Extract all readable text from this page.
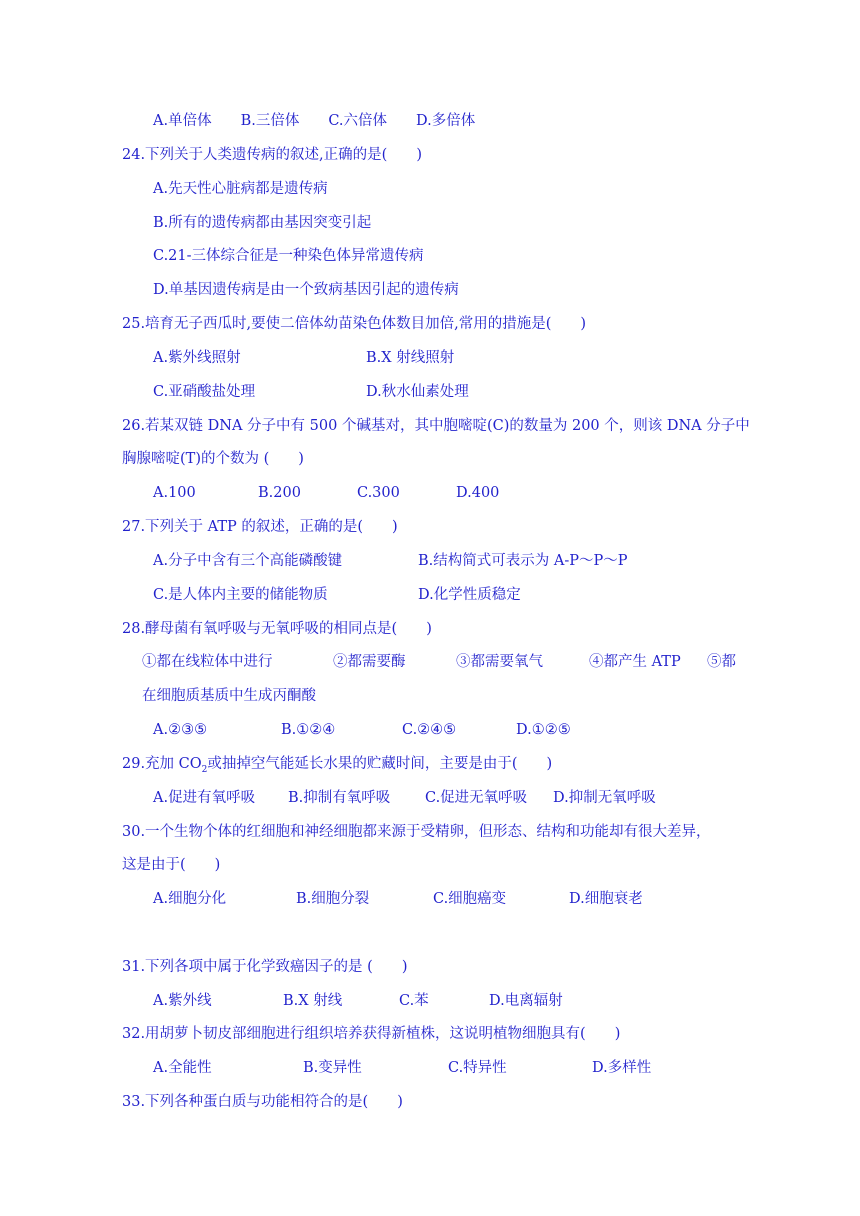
A.单倍体　　B.三倍体　　C.六倍体　　D.多倍体
24.下列关于人类遗传病的叙述,正确的是(　　)
A.先天性心脏病都是遗传病
B.所有的遗传病都由基因突变引起
C.21-三体综合征是一种染色体异常遗传病
D.单基因遗传病是由一个致病基因引起的遗传病
25.培育无子西瓜时,要使二倍体幼苗染色体数目加倍,常用的措施是(　　)
A.紫外线照射	B.X 射线照射
C.亚硝酸盐处理	D.秋水仙素处理
26.若某双链 DNA 分子中有 500 个碱基对，其中胞嘧啶(C)的数量为 200 个，则该 DNA 分子中
胸腺嘧啶(T)的个数为 (　　)
A.100	B.200	C.300	D.400
27.下列关于 ATP 的叙述，正确的是(　　)
A.分子中含有三个高能磷酸键	B.结构简式可表示为 A-P～P～P
C.是人体内主要的储能物质	D.化学性质稳定
28.酵母菌有氧呼吸与无氧呼吸的相同点是(　　)
①都在线粒体中进行	②都需要酶	③都需要氧气	④都产生 ATP ⑤都
在细胞质基质中生成丙酮酸
A.②③⑤	B.①②④	C.②④⑤	D.①②⑤
29.充加 $CO_2$或抽掉空气能延长水果的贮藏时间，主要是由于(　　)
A.促进有氧呼吸 B.抑制有氧呼吸 C.促进无氧呼吸 D.抑制无氧呼吸
30.一个生物个体的红细胞和神经细胞都来源于受精卵，但形态、结构和功能却有很大差异，
这是由于(　　)
A.细胞分化	B.细胞分裂	C.细胞癌变	D.细胞衰老
31.下列各项中属于化学致癌因子的是 (　　)
A.紫外线	B.X 射线	C.苯	D.电离辐射
32.用胡萝卜韧皮部细胞进行组织培养获得新植株，这说明植物细胞具有(　　)
A.全能性	B.变异性	C.特异性	D.多样性
33.下列各种蛋白质与功能相符合的是(　　)
